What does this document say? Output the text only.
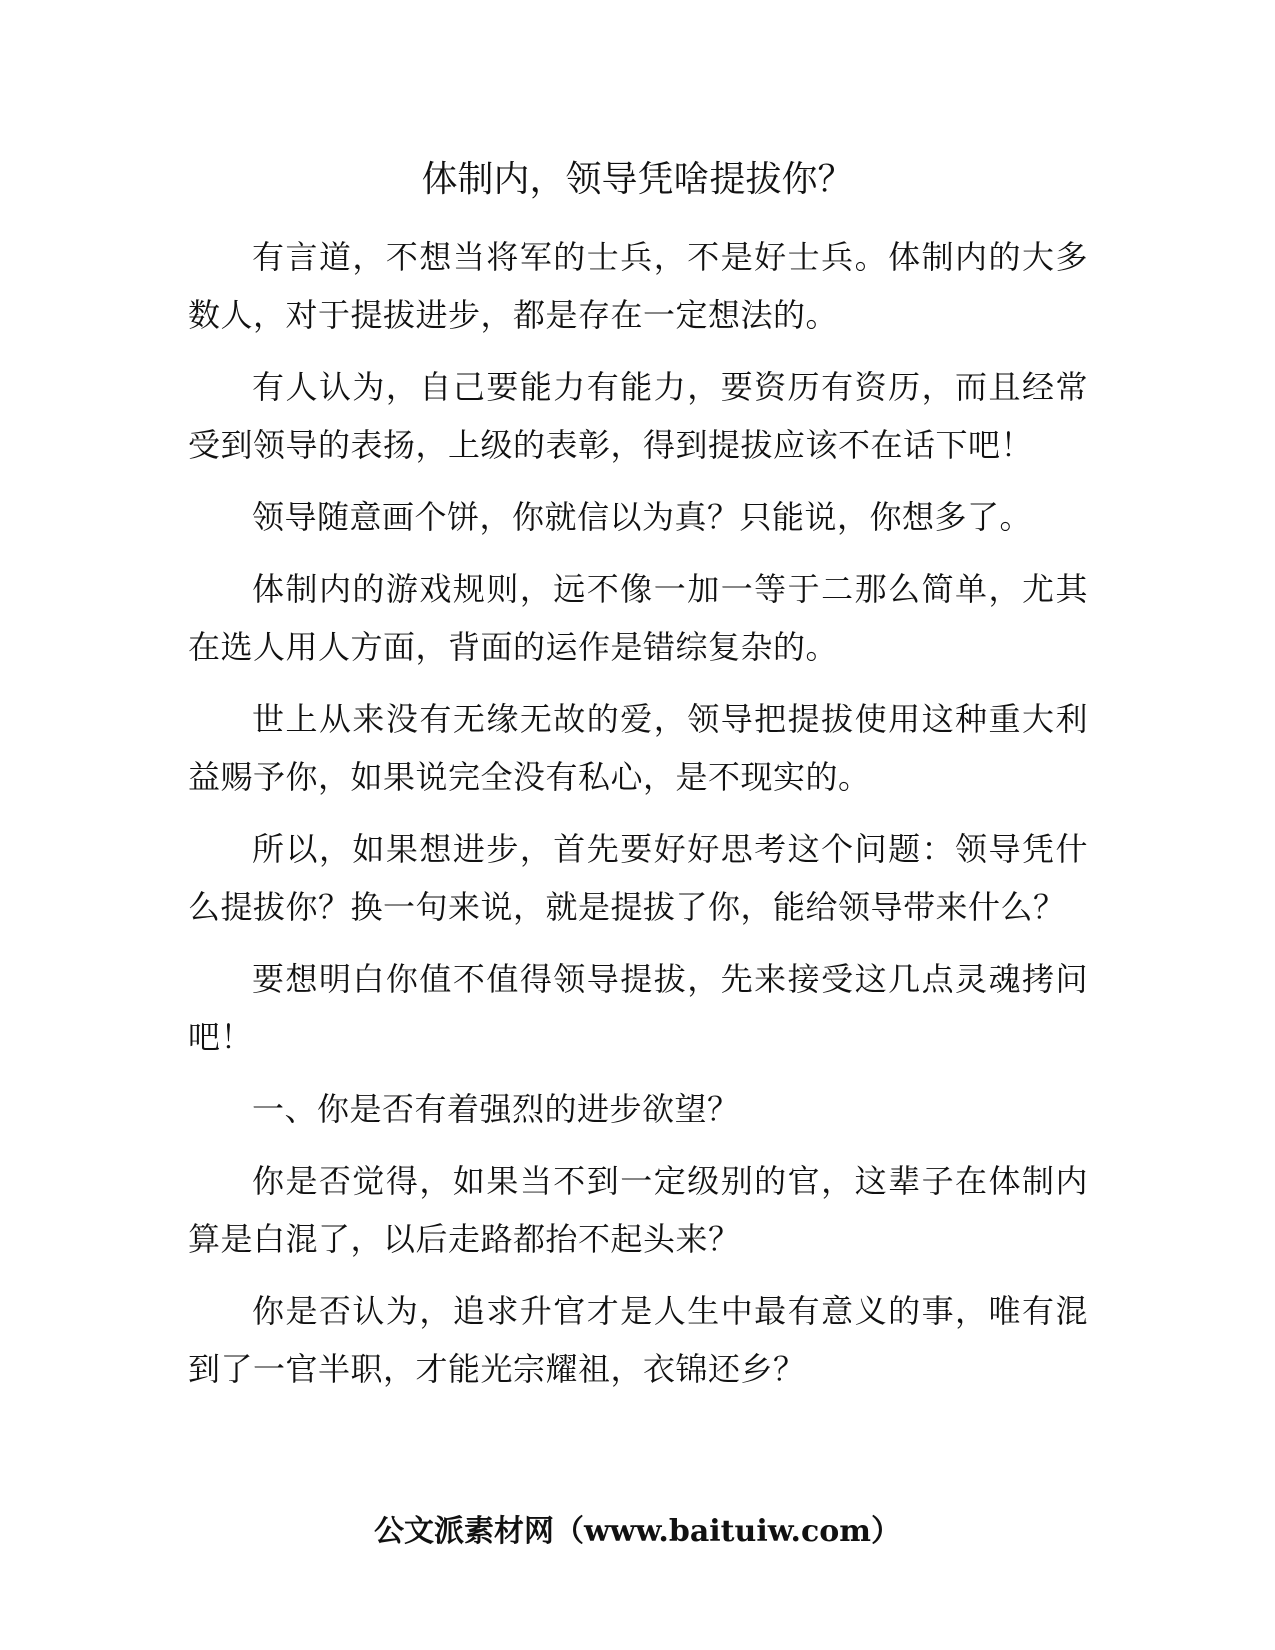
体制内，领导凭啥提拔你？

有言道，不想当将军的士兵，不是好士兵。体制内的大多数人，对于提拔进步，都是存在一定想法的。

有人认为，自己要能力有能力，要资历有资历，而且经常受到领导的表扬，上级的表彰，得到提拔应该不在话下吧！

领导随意画个饼，你就信以为真？只能说，你想多了。

体制内的游戏规则，远不像一加一等于二那么简单，尤其在选人用人方面，背面的运作是错综复杂的。

世上从来没有无缘无故的爱，领导把提拔使用这种重大利益赐予你，如果说完全没有私心，是不现实的。

所以，如果想进步，首先要好好思考这个问题：领导凭什么提拔你？换一句来说，就是提拔了你，能给领导带来什么？

要想明白你值不值得领导提拔，先来接受这几点灵魂拷问吧！

一、你是否有着强烈的进步欲望？

你是否觉得，如果当不到一定级别的官，这辈子在体制内算是白混了，以后走路都抬不起头来？

你是否认为，追求升官才是人生中最有意义的事，唯有混到了一官半职，才能光宗耀祖，衣锦还乡？

公文派素材网（www.baituiw.com）
